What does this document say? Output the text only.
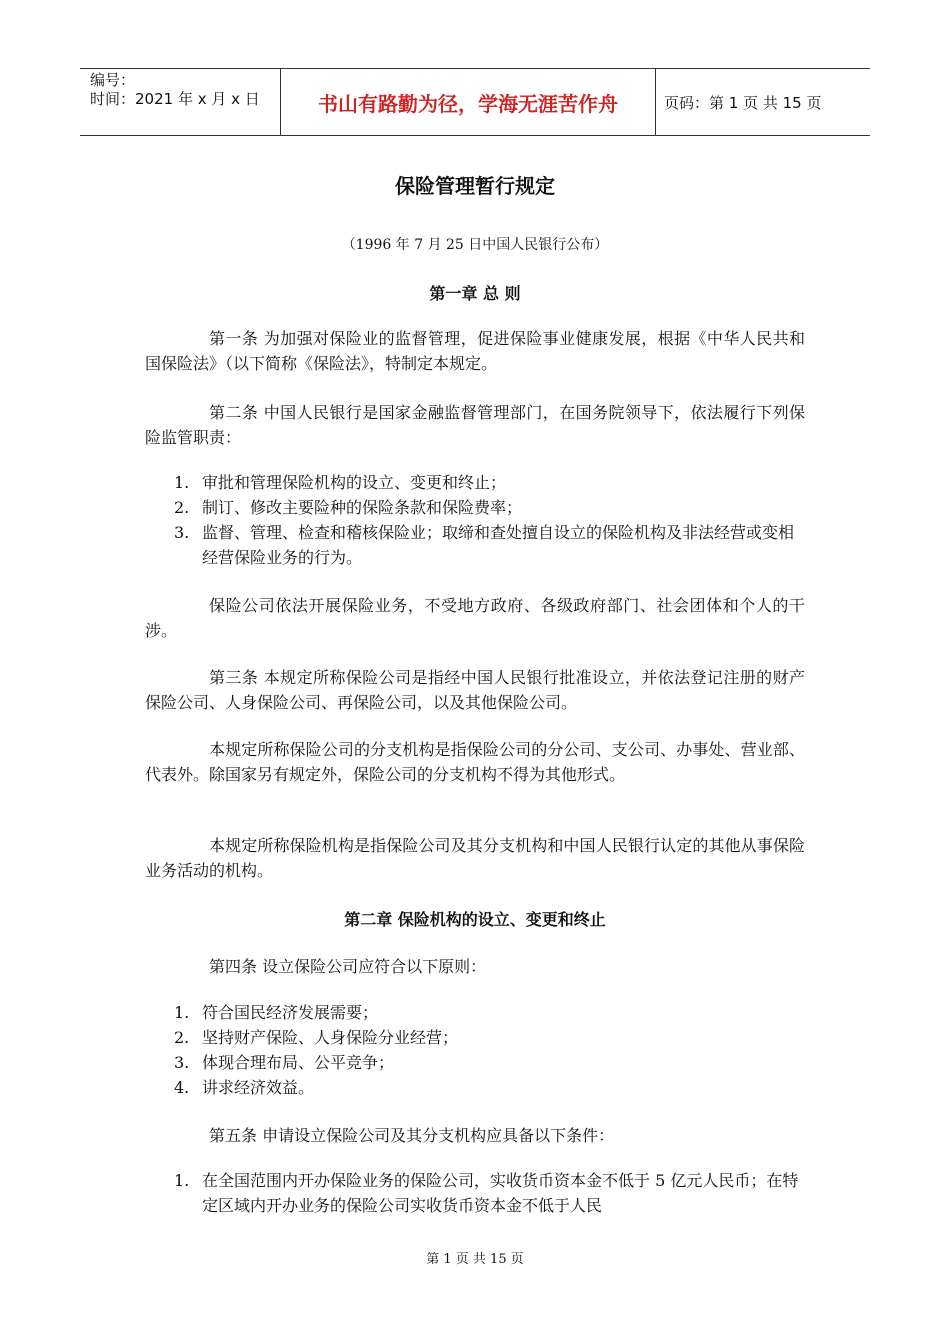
编号：
时间：2021 年 x 月 x 日	书山有路勤为径，学海无涯苦作舟	页码：第 1 页 共 15 页
保险管理暂行规定
（1996 年 7 月 25 日中国人民银行公布）
第一章 总 则

第一条 为加强对保险业的监督管理，促进保险事业健康发展，根据《中华人民共和国保险法》（以下简称《保险法》，特制定本规定。

第二条 中国人民银行是国家金融监督管理部门，在国务院领导下，依法履行下列保险监管职责：

1. 审批和管理保险机构的设立、变更和终止；
2. 制订、修改主要险种的保险条款和保险费率；
3. 监督、管理、检查和稽核保险业；取缔和查处擅自设立的保险机构及非法经营或变相经营保险业务的行为。

保险公司依法开展保险业务，不受地方政府、各级政府部门、社会团体和个人的干涉。

第三条 本规定所称保险公司是指经中国人民银行批准设立，并依法登记注册的财产保险公司、人身保险公司、再保险公司，以及其他保险公司。

本规定所称保险公司的分支机构是指保险公司的分公司、支公司、办事处、营业部、代表外。除国家另有规定外，保险公司的分支机构不得为其他形式。

本规定所称保险机构是指保险公司及其分支机构和中国人民银行认定的其他从事保险业务活动的机构。

第二章 保险机构的设立、变更和终止

第四条 设立保险公司应符合以下原则：

1. 符合国民经济发展需要；
2. 坚持财产保险、人身保险分业经营；
3. 体现合理布局、公平竞争；
4. 讲求经济效益。

第五条 申请设立保险公司及其分支机构应具备以下条件：

1. 在全国范围内开办保险业务的保险公司，实收货币资本金不低于 5 亿元人民币；在特定区域内开办业务的保险公司实收货币资本金不低于人民
第 1 页 共 15 页
